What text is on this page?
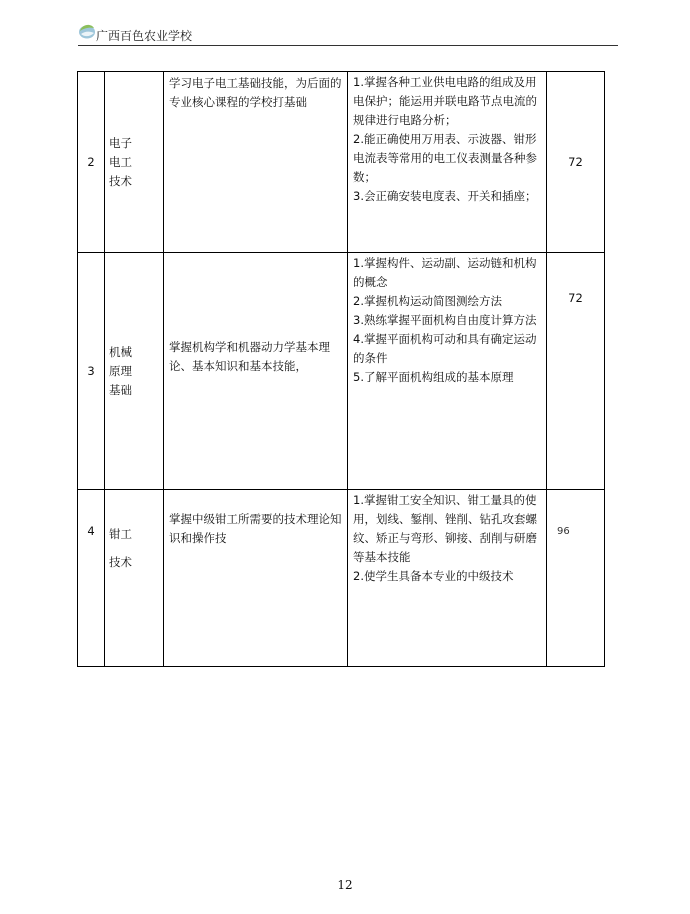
广西百色农业学校
2	电子
电工
技术	学习电子电工基础技能，为后面的专业核心课程的学校打基础	1.掌握各种工业供电电路的组成及用电保护；能运用并联电路节点电流的规律进行电路分析；
2.能正确使用万用表、示波器、钳形电流表等常用的电工仪表测量各种参数；
3.会正确安装电度表、开关和插座；	72
3	机械
原理
基础	掌握机构学和机器动力学基本理论、基本知识和基本技能，	1.掌握构件、运动副、运动链和机构的概念
2.掌握机构运动简图测绘方法
3.熟练掌握平面机构自由度计算方法
4.掌握平面机构可动和具有确定运动的条件
5.了解平面机构组成的基本原理	72
4	钳工
技术	掌握中级钳工所需要的技术理论知识和操作技	1.掌握钳工安全知识、钳工量具的使用，划线、錾削、锉削、钻孔攻套螺纹、矫正与弯形、铆接、刮削与研磨等基本技能
2.使学生具备本专业的中级技术	96
12
